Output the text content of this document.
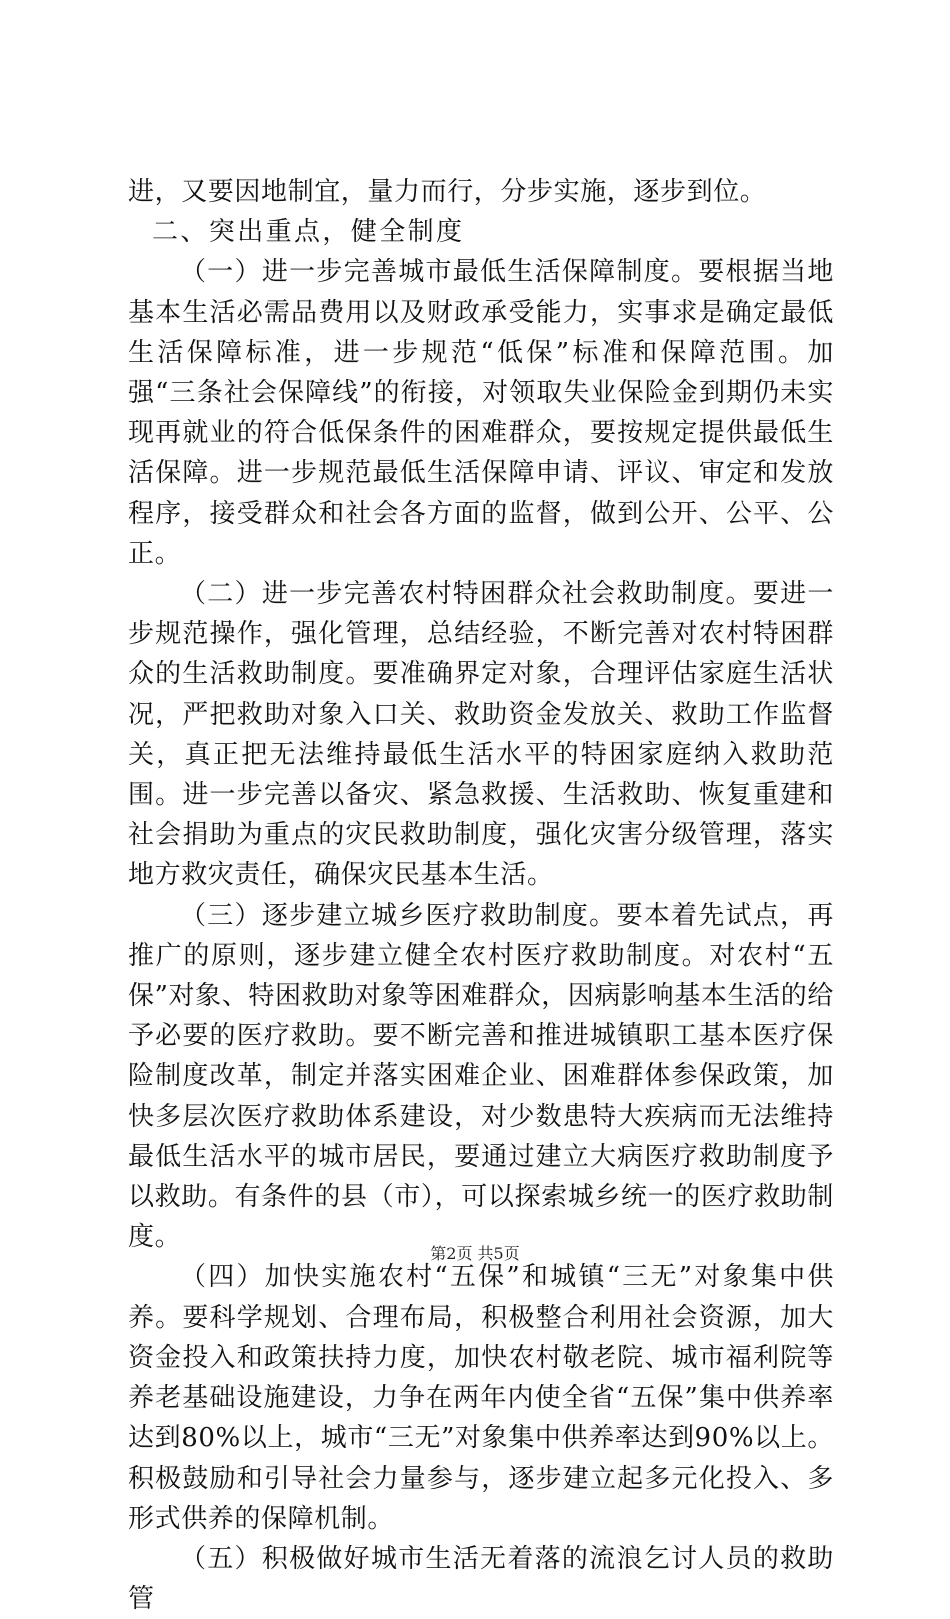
进，又要因地制宜，量力而行，分步实施，逐步到位。

二、突出重点，健全制度

（一）进一步完善城市最低生活保障制度。要根据当地基本生活必需品费用以及财政承受能力，实事求是确定最低生活保障标准，进一步规范“低保”标准和保障范围。加强“三条社会保障线”的衔接，对领取失业保险金到期仍未实现再就业的符合低保条件的困难群众，要按规定提供最低生活保障。进一步规范最低生活保障申请、评议、审定和发放程序，接受群众和社会各方面的监督，做到公开、公平、公正。

（二）进一步完善农村特困群众社会救助制度。要进一步规范操作，强化管理，总结经验，不断完善对农村特困群众的生活救助制度。要准确界定对象，合理评估家庭生活状况，严把救助对象入口关、救助资金发放关、救助工作监督关，真正把无法维持最低生活水平的特困家庭纳入救助范围。进一步完善以备灾、紧急救援、生活救助、恢复重建和社会捐助为重点的灾民救助制度，强化灾害分级管理，落实地方救灾责任，确保灾民基本生活。

（三）逐步建立城乡医疗救助制度。要本着先试点，再推广的原则，逐步建立健全农村医疗救助制度。对农村“五保”对象、特困救助对象等困难群众，因病影响基本生活的给予必要的医疗救助。要不断完善和推进城镇职工基本医疗保险制度改革，制定并落实困难企业、困难群体参保政策，加快多层次医疗救助体系建设，对少数患特大疾病而无法维持最低生活水平的城市居民，要通过建立大病医疗救助制度予以救助。有条件的县（市），可以探索城乡统一的医疗救助制度。

（四）加快实施农村“五保”和城镇“三无”对象集中供养。要科学规划、合理布局，积极整合利用社会资源，加大资金投入和政策扶持力度，加快农村敬老院、城市福利院等养老基础设施建设，力争在两年内使全省“五保”集中供养率达到80%以上，城市“三无”对象集中供养率达到90%以上。积极鼓励和引导社会力量参与，逐步建立起多元化投入、多形式供养的保障机制。

（五）积极做好城市生活无着落的流浪乞讨人员的救助管

第2页 共5页
